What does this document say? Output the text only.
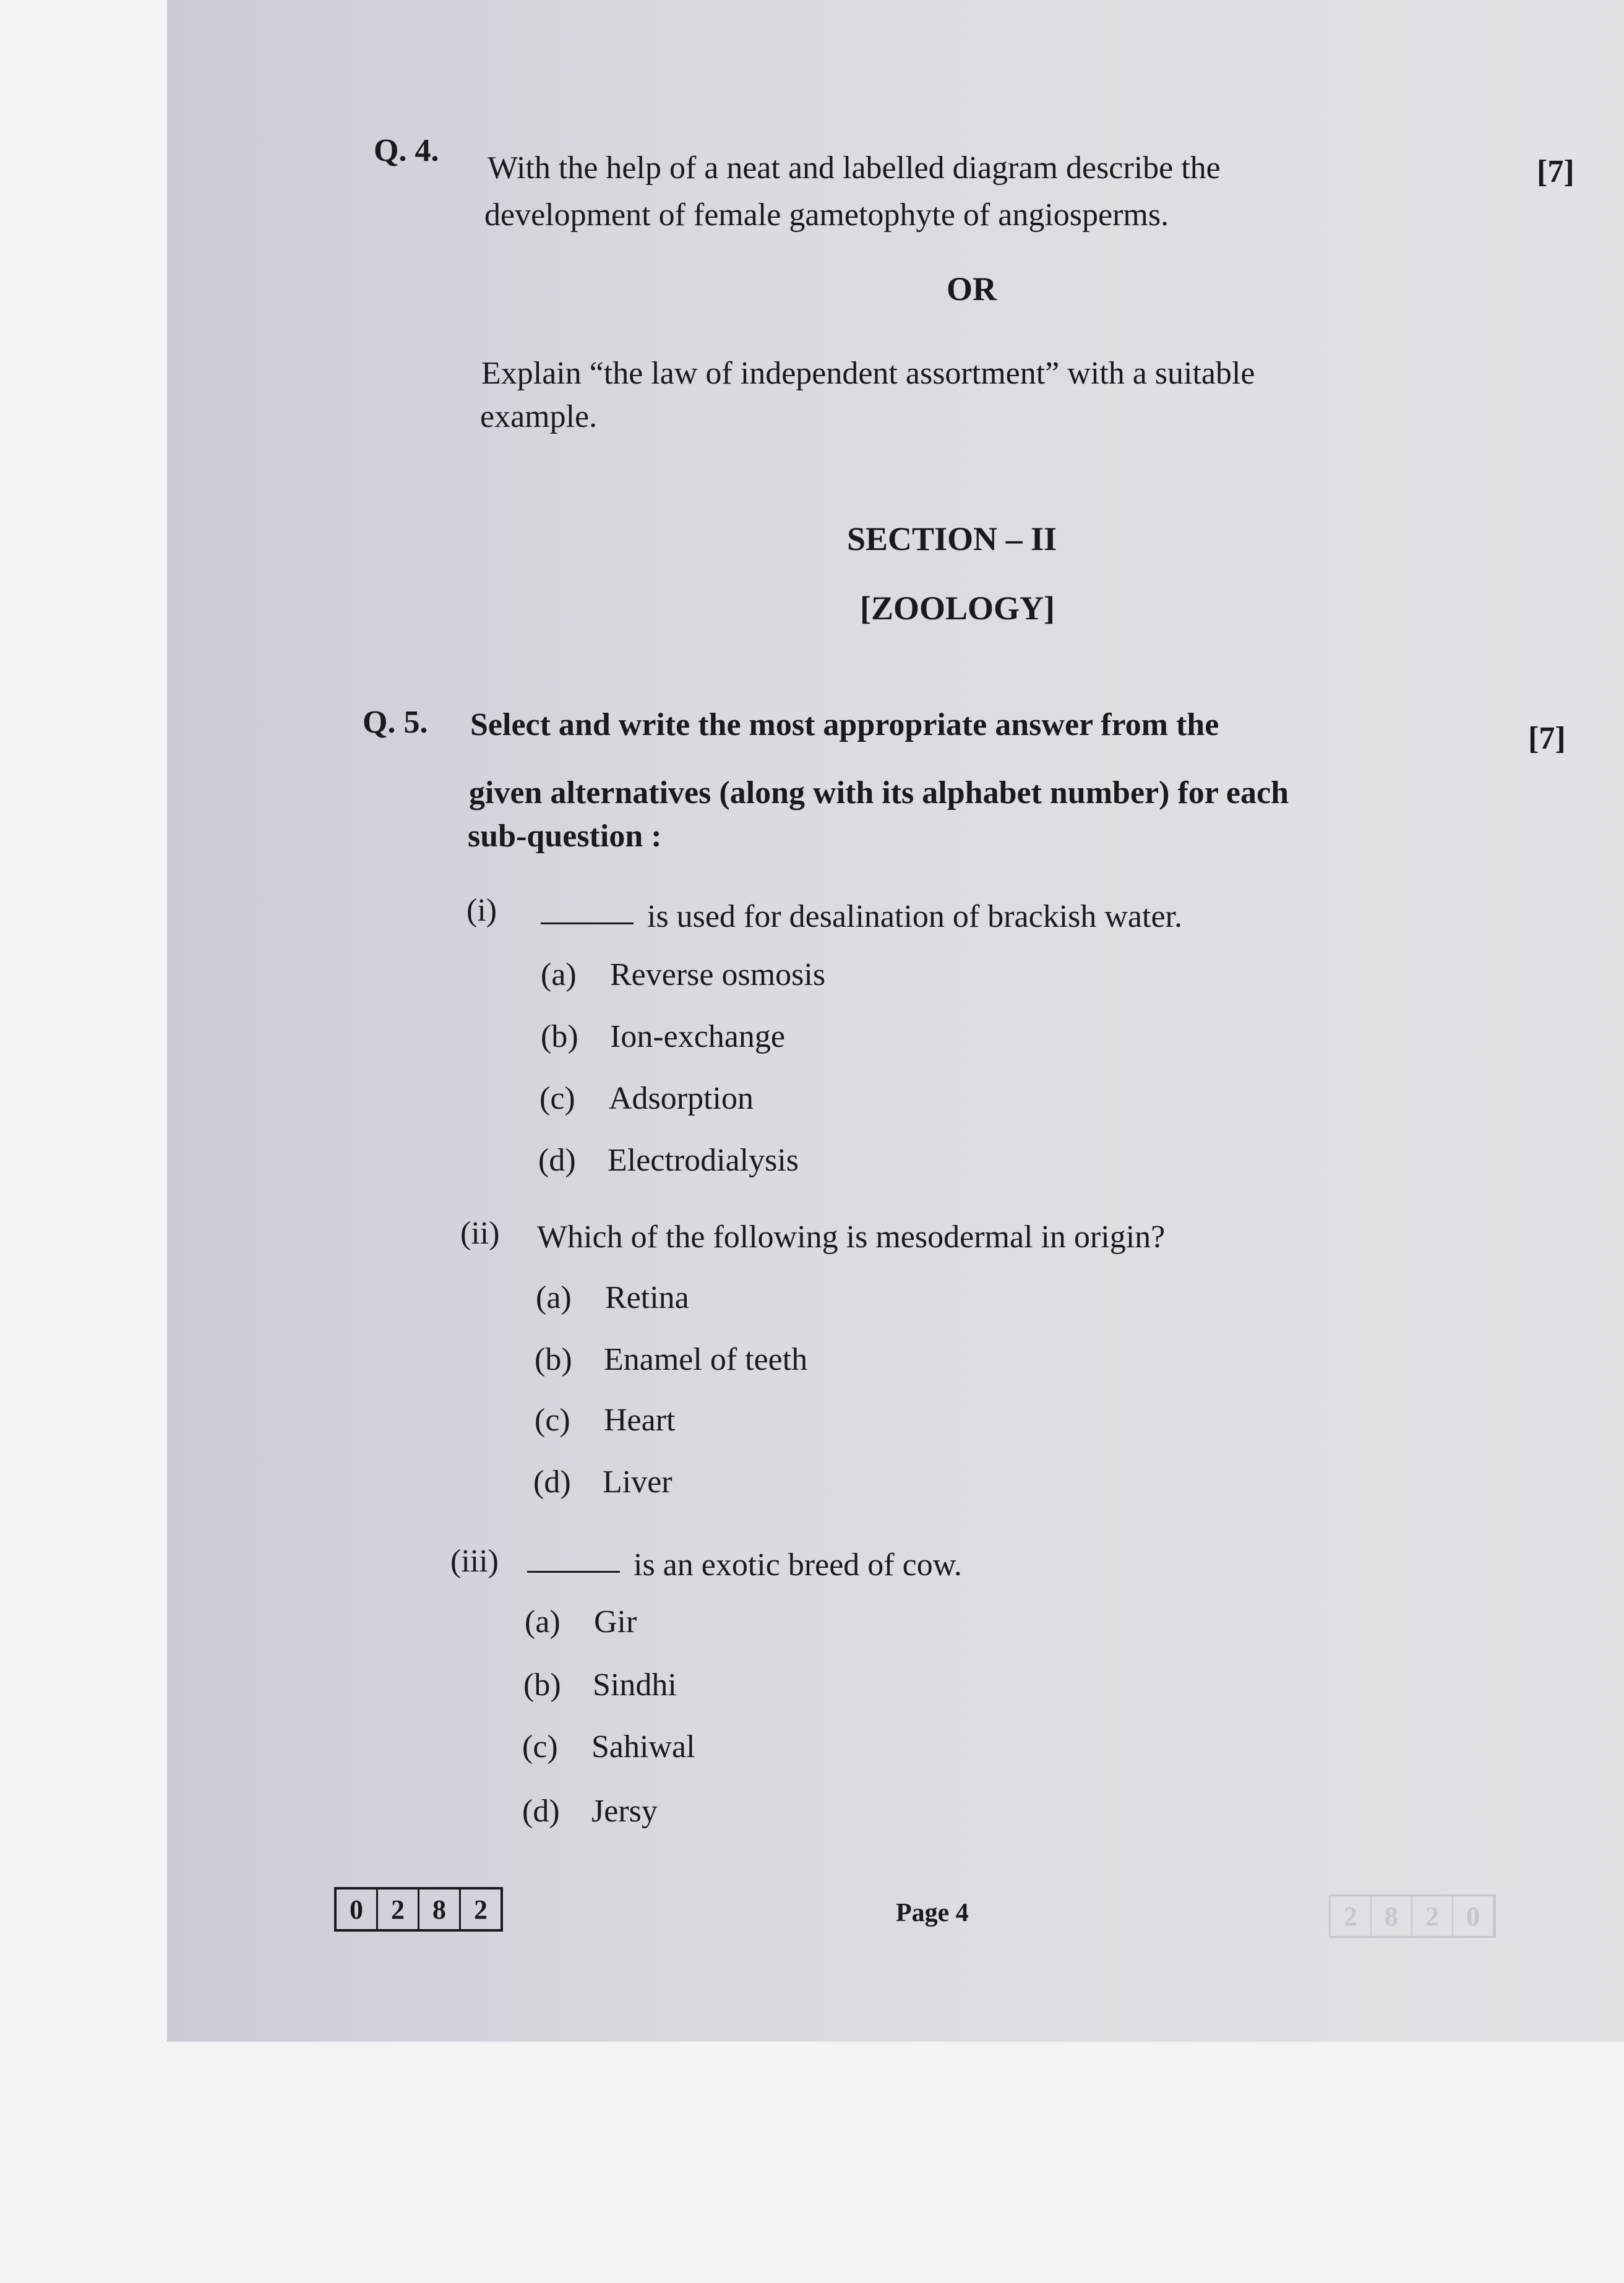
Q. 4. With the help of a neat and labelled diagram describe the
development of female gametophyte of angiosperms.
[7]
OR
Explain “the law of independent assortment” with a suitable
example.
SECTION – II
[ZOOLOGY]
Q. 5. Select and write the most appropriate answer from the
given alternatives (along with its alphabet number) for each
sub-question :
[7]
(i)	is used for desalination of brackish water.
(a) Reverse osmosis
(b) Ion-exchange
(c) Adsorption
(d) Electrodialysis
(ii) Which of the following is mesodermal in origin?
(a) Retina
(b) Enamel of teeth
(c) Heart
(d) Liver
(iii)	is an exotic breed of cow.
(a) Gir
(b) Sindhi
(c) Sahiwal
(d) Jersy
0	2	8	2	Page 4	2	8	2	0
